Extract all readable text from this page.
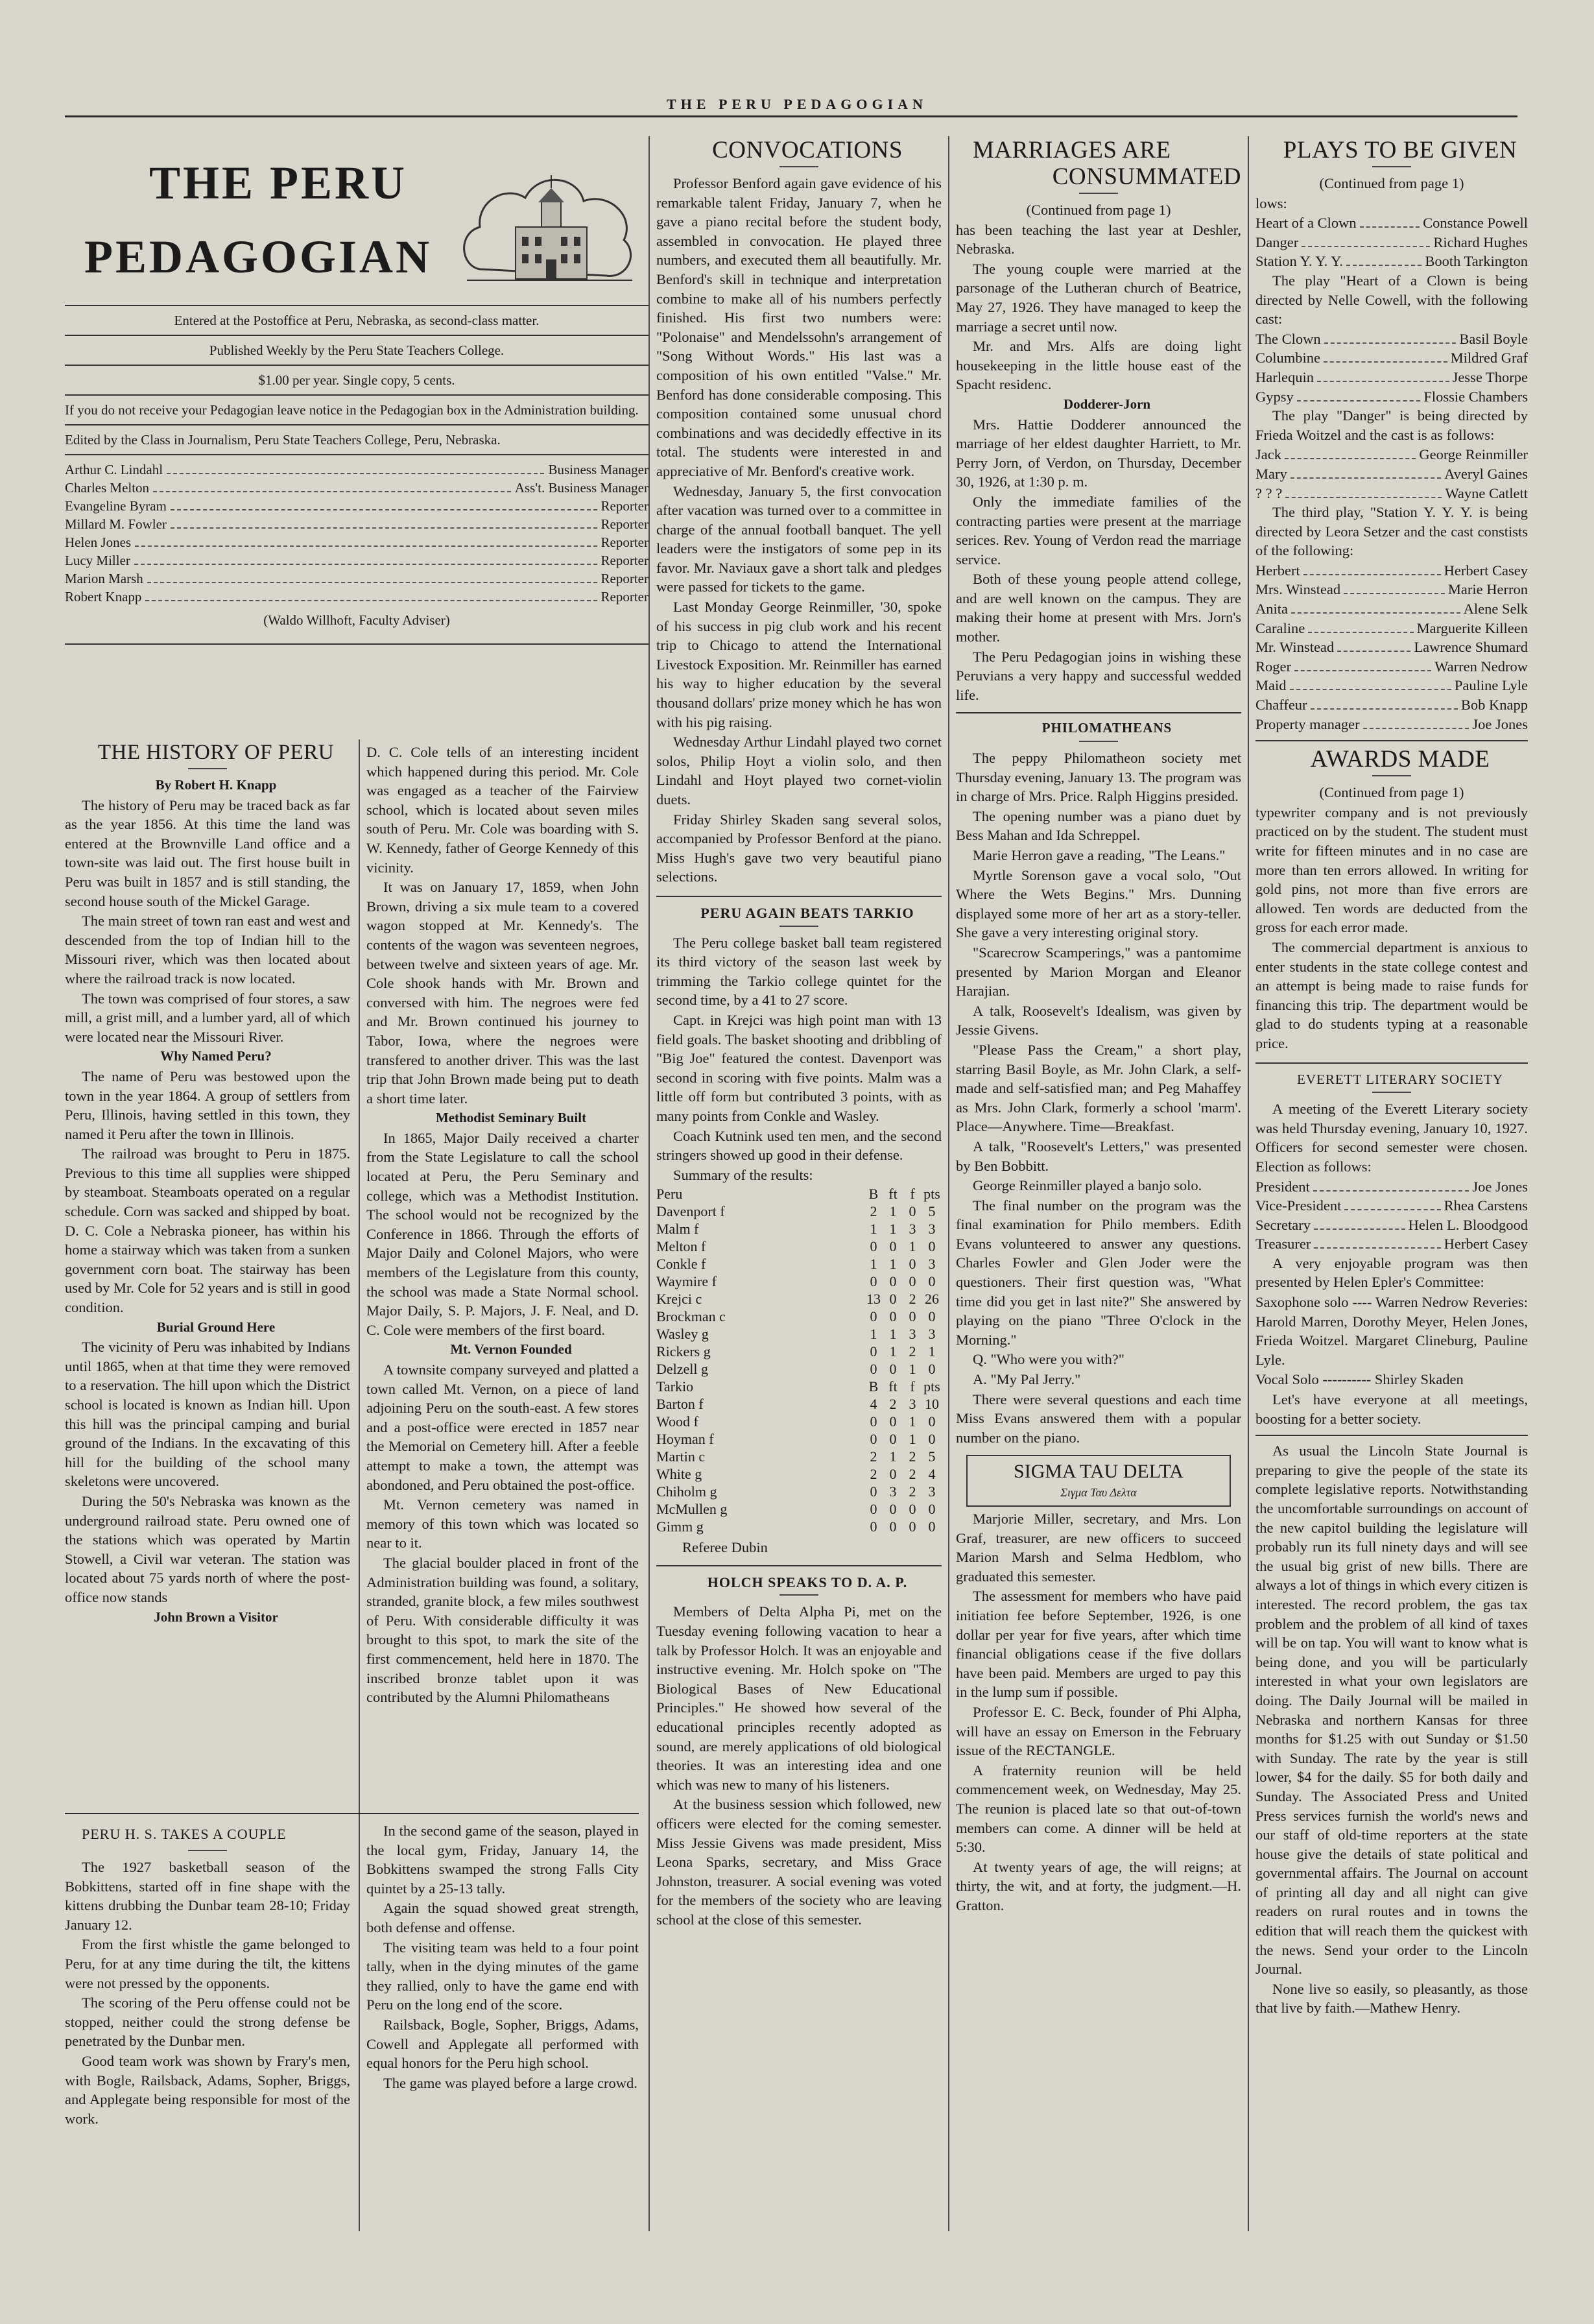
THE PERU PEDAGOGIAN

THE PERU

PEDAGOGIAN

Entered at the Postoffice at Peru, Nebraska, as second-class matter.
Published Weekly by the Peru State Teachers College.
$1.00 per year. Single copy, 5 cents.
If you do not receive your Pedagogian leave notice in the Pedagogian box in the Administration building.
Edited by the Class in Journalism, Peru State Teachers College, Peru, Nebraska.
Arthur C. Lindahl	Business Manager
Charles Melton	Ass't. Business Manager
Evangeline Byram	Reporter
Millard M. Fowler	Reporter
Helen Jones	Reporter
Lucy Miller	Reporter
Marion Marsh	Reporter
Robert Knapp	Reporter
(Waldo Willhoft, Faculty Adviser)

THE HISTORY OF PERU

By Robert H. Knapp

The history of Peru may be traced back as far as the year 1856. At this time the land was entered at the Brownville Land office and a town-site was laid out. The first house built in Peru was built in 1857 and is still standing, the second house south of the Mickel Garage.

The main street of town ran east and west and descended from the top of Indian hill to the Missouri river, which was then located about where the railroad track is now located.

The town was comprised of four stores, a saw mill, a grist mill, and a lumber yard, all of which were located near the Missouri River.

Why Named Peru?

The name of Peru was bestowed upon the town in the year 1864. A group of settlers from Peru, Illinois, having settled in this town, they named it Peru after the town in Illinois.

The railroad was brought to Peru in 1875. Previous to this time all supplies were shipped by steamboat. Steamboats operated on a regular schedule. Corn was sacked and shipped by boat. D. C. Cole a Nebraska pioneer, has within his home a stairway which was taken from a sunken government corn boat. The stairway has been used by Mr. Cole for 52 years and is still in good condition.

Burial Ground Here

The vicinity of Peru was inhabited by Indians until 1865, when at that time they were removed to a reservation. The hill upon which the District school is located is known as Indian hill. Upon this hill was the principal camping and burial ground of the Indians. In the excavating of this hill for the building of the school many skeletons were uncovered.

During the 50's Nebraska was known as the underground railroad state. Peru owned one of the stations which was operated by Martin Stowell, a Civil war veteran. The station was located about 75 yards north of where the post-office now stands

John Brown a Visitor

D. C. Cole tells of an interesting incident which happened during this period. Mr. Cole was engaged as a teacher of the Fairview school, which is located about seven miles south of Peru. Mr. Cole was boarding with S. W. Kennedy, father of George Kennedy of this vicinity.

It was on January 17, 1859, when John Brown, driving a six mule team to a covered wagon stopped at Mr. Kennedy's. The contents of the wagon was seventeen negroes, between twelve and sixteen years of age. Mr. Cole shook hands with Mr. Brown and conversed with him. The negroes were fed and Mr. Brown continued his journey to Tabor, Iowa, where the negroes were transfered to another driver. This was the last trip that John Brown made being put to death a short time later.

Methodist Seminary Built

In 1865, Major Daily received a charter from the State Legislature to call the school located at Peru, the Peru Seminary and college, which was a Methodist Institution. The school would not be recognized by the Conference in 1866. Through the efforts of Major Daily and Colonel Majors, who were members of the Legislature from this county, the school was made a State Normal school. Major Daily, S. P. Majors, J. F. Neal, and D. C. Cole were members of the first board.

Mt. Vernon Founded

A townsite company surveyed and platted a town called Mt. Vernon, on a piece of land adjoining Peru on the south-east. A few stores and a post-office were erected in 1857 near the Memorial on Cemetery hill. After a feeble attempt to make a town, the attempt was abondoned, and Peru obtained the post-office.

Mt. Vernon cemetery was named in memory of this town which was located so near to it.

The glacial boulder placed in front of the Administration building was found, a solitary, stranded, granite block, a few miles southwest of Peru. With considerable difficulty it was brought to this spot, to mark the site of the first commencement, held here in 1870. The inscribed bronze tablet upon it was contributed by the Alumni Philomatheans

PERU H. S. TAKES A COUPLE

The 1927 basketball season of the Bobkittens, started off in fine shape with the kittens drubbing the Dunbar team 28-10; Friday January 12.

From the first whistle the game belonged to Peru, for at any time during the tilt, the kittens were not pressed by the opponents.

The scoring of the Peru offense could not be stopped, neither could the strong defense be penetrated by the Dunbar men.

Good team work was shown by Frary's men, with Bogle, Railsback, Adams, Sopher, Briggs, and Applegate being responsible for most of the work.

In the second game of the season, played in the local gym, Friday, January 14, the Bobkittens swamped the strong Falls City quintet by a 25-13 tally.

Again the squad showed great strength, both defense and offense.

The visiting team was held to a four point tally, when in the dying minutes of the game they rallied, only to have the game end with Peru on the long end of the score.

Railsback, Bogle, Sopher, Briggs, Adams, Cowell and Applegate all performed with equal honors for the Peru high school.

The game was played before a large crowd.

CONVOCATIONS

Professor Benford again gave evidence of his remarkable talent Friday, January 7, when he gave a piano recital before the student body, assembled in convocation. He played three numbers, and executed them all beautifully. Mr. Benford's skill in technique and interpretation combine to make all of his numbers perfectly finished. His first two numbers were: "Polonaise" and Mendelssohn's arrangement of "Song Without Words." His last was a composition of his own entitled "Valse." Mr. Benford has done considerable composing. This composition contained some unusual chord combinations and was decidedly effective in its total. The students were interested in and appreciative of Mr. Benford's creative work.

Wednesday, January 5, the first convocation after vacation was turned over to a committee in charge of the annual football banquet. The yell leaders were the instigators of some pep in its favor. Mr. Naviaux gave a short talk and pledges were passed for tickets to the game.

Last Monday George Reinmiller, '30, spoke of his success in pig club work and his recent trip to Chicago to attend the International Livestock Exposition. Mr. Reinmiller has earned his way to higher education by the several thousand dollars' prize money which he has won with his pig raising.

Wednesday Arthur Lindahl played two cornet solos, Philip Hoyt a violin solo, and then Lindahl and Hoyt played two cornet-violin duets.

Friday Shirley Skaden sang several solos, accompanied by Professor Benford at the piano. Miss Hugh's gave two very beautiful piano selections.

PERU AGAIN BEATS TARKIO

The Peru college basket ball team registered its third victory of the season last week by trimming the Tarkio college quintet for the second time, by a 41 to 27 score.

Capt. in Krejci was high point man with 13 field goals. The basket shooting and dribbling of "Big Joe" featured the contest. Davenport was second in scoring with five points. Malm was a little off form but contributed 3 points, with as many points from Conkle and Wasley.

Coach Kutnink used ten men, and the second stringers showed up good in their defense.

Summary of the results:

Peru	B	ft	f	pts
Davenport f	2	1	0	5
Malm f	1	1	3	3
Melton f	0	0	1	0
Conkle f	1	1	0	3
Waymire f	0	0	0	0
Krejci c	13	0	2	26
Brockman c	0	0	0	0
Wasley g	1	1	3	3
Rickers g	0	1	2	1
Delzell g	0	0	1	0
Tarkio	B	ft	f	pts
Barton f	4	2	3	10
Wood f	0	0	1	0
Hoyman f	0	0	1	0
Martin c	2	1	2	5
White g	2	0	2	4
Chiholm g	0	3	2	3
McMullen g	0	0	0	0
Gimm g	0	0	0	0

Referee Dubin

HOLCH SPEAKS TO D. A. P.

Members of Delta Alpha Pi, met on the Tuesday evening following vacation to hear a talk by Professor Holch. It was an enjoyable and instructive evening. Mr. Holch spoke on "The Biological Bases of New Educational Principles." He showed how several of the educational principles recently adopted as sound, are merely applications of old biological theories. It was an interesting idea and one which was new to many of his listeners.

At the business session which followed, new officers were elected for the coming semester. Miss Jessie Givens was made president, Miss Leona Sparks, secretary, and Miss Grace Johnston, treasurer. A social evening was voted for the members of the society who are leaving school at the close of this semester.

MARRIAGES ARE

CONSUMMATED

(Continued from page 1)

has been teaching the last year at Deshler, Nebraska.

The young couple were married at the parsonage of the Lutheran church of Beatrice, May 27, 1926. They have managed to keep the marriage a secret until now.

Mr. and Mrs. Alfs are doing light housekeeping in the little house east of the Spacht residenc.

Dodderer-Jorn

Mrs. Hattie Dodderer announced the marriage of her eldest daughter Harriett, to Mr. Perry Jorn, of Verdon, on Thursday, December 30, 1926, at 1:30 p. m.

Only the immediate families of the contracting parties were present at the marriage serices. Rev. Young of Verdon read the marriage service.

Both of these young people attend college, and are well known on the campus. They are making their home at present with Mrs. Jorn's mother.

The Peru Pedagogian joins in wishing these Peruvians a very happy and successful wedded life.

PHILOMATHEANS

The peppy Philomatheon society met Thursday evening, January 13. The program was in charge of Mrs. Price. Ralph Higgins presided.

The opening number was a piano duet by Bess Mahan and Ida Schreppel.

Marie Herron gave a reading, "The Leans."

Myrtle Sorenson gave a vocal solo, "Out Where the Wets Begins." Mrs. Dunning displayed some more of her art as a story-teller. She gave a very interesting original story.

"Scarecrow Scamperings," was a pantomime presented by Marion Morgan and Eleanor Harajian.

A talk, Roosevelt's Idealism, was given by Jessie Givens.

"Please Pass the Cream," a short play, starring Basil Boyle, as Mr. John Clark, a self-made and self-satisfied man; and Peg Mahaffey as Mrs. John Clark, formerly a school 'marm'. Place—Anywhere. Time—Breakfast.

A talk, "Roosevelt's Letters," was presented by Ben Bobbitt.

George Reinmiller played a banjo solo.

The final number on the program was the final examination for Philo members. Edith Evans volunteered to answer any questions. Charles Fowler and Glen Joder were the questioners. Their first question was, "What time did you get in last nite?" She answered by playing on the piano "Three O'clock in the Morning."

Q. "Who were you with?"

A. "My Pal Jerry."

There were several questions and each time Miss Evans answered them with a popular number on the piano.

SIGMA TAU DELTA
Σιγμα Ταυ Δελτα

Marjorie Miller, secretary, and Mrs. Lon Graf, treasurer, are new officers to succeed Marion Marsh and Selma Hedblom, who graduated this semester.

The assessment for members who have paid initiation fee before September, 1926, is one dollar per year for five years, after which time financial obligations cease if the five dollars have been paid. Members are urged to pay this in the lump sum if possible.

Professor E. C. Beck, founder of Phi Alpha, will have an essay on Emerson in the February issue of the RECTANGLE.

A fraternity reunion will be held commencement week, on Wednesday, May 25. The reunion is placed late so that out-of-town members can come. A dinner will be held at 5:30.

At twenty years of age, the will reigns; at thirty, the wit, and at forty, the judgment.—H. Gratton.

PLAYS TO BE GIVEN

(Continued from page 1)

lows:

Heart of a Clown	Constance Powell
Danger	Richard Hughes
Station Y. Y. Y.	Booth Tarkington

The play "Heart of a Clown is being directed by Nelle Cowell, with the following cast:

The Clown	Basil Boyle
Columbine	Mildred Graf
Harlequin	Jesse Thorpe
Gypsy	Flossie Chambers

The play "Danger" is being directed by Frieda Woitzel and the cast is as follows:

Jack	George Reinmiller
Mary	Averyl Gaines
? ? ?	Wayne Catlett

The third play, "Station Y. Y. Y. is being directed by Leora Setzer and the cast constists of the following:

Herbert	Herbert Casey
Mrs. Winstead	Marie Herron
Anita	Alene Selk
Caraline	Marguerite Killeen
Mr. Winstead	Lawrence Shumard
Roger	Warren Nedrow
Maid	Pauline Lyle
Chaffeur	Bob Knapp
Property manager	Joe Jones

AWARDS MADE

(Continued from page 1)

typewriter company and is not previously practiced on by the student. The student must write for fifteen minutes and in no case are more than ten errors allowed. In writing for gold pins, not more than five errors are allowed. Ten words are deducted from the gross for each error made.

The commercial department is anxious to enter students in the state college contest and an attempt is being made to raise funds for financing this trip. The department would be glad to do students typing at a reasonable price.

EVERETT LITERARY SOCIETY

A meeting of the Everett Literary society was held Thursday evening, January 10, 1927. Officers for second semester were chosen. Election as follows:

President	Joe Jones
Vice-President	Rhea Carstens
Secretary	Helen L. Bloodgood
Treasurer	Herbert Casey

A very enjoyable program was then presented by Helen Epler's Committee:

Saxophone solo ---- Warren Nedrow Reveries: Harold Marren, Dorothy Meyer, Helen Jones, Frieda Woitzel. Margaret Clineburg, Pauline Lyle.

Vocal Solo ---------- Shirley Skaden

Let's have everyone at all meetings, boosting for a better society.

As usual the Lincoln State Journal is preparing to give the people of the state its complete legislative reports. Notwithstanding the uncomfortable surroundings on account of the new capitol building the legislature will probably run its full ninety days and will see the usual big grist of new bills. There are always a lot of things in which every citizen is interested. The record problem, the gas tax problem and the problem of all kind of taxes will be on tap. You will want to know what is being done, and you will be particularly interested in what your own legislators are doing. The Daily Journal will be mailed in Nebraska and northern Kansas for three months for $1.25 with out Sunday or $1.50 with Sunday. The rate by the year is still lower, $4 for the daily. $5 for both daily and Sunday. The Associated Press and United Press services furnish the world's news and our staff of old-time reporters at the state house give the details of state political and governmental affairs. The Journal on account of printing all day and all night can give readers on rural routes and in towns the edition that will reach them the quickest with the news. Send your order to the Lincoln Journal.

None live so easily, so pleasantly, as those that live by faith.—Mathew Henry.
